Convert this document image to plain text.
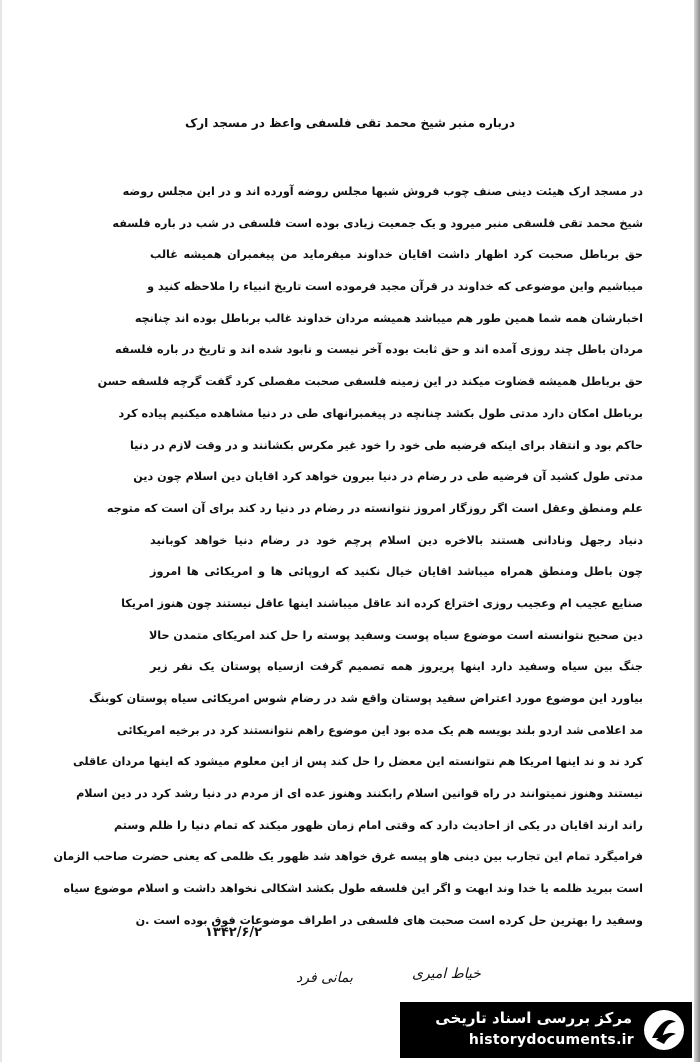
درباره منبر شیخ محمد تقی فلسفی واعظ در مسجد ارک
در مسجد ارک هیئت دینی صنف چوب فروش شبها مجلس روضه آورده اند و در این مجلس روضه
شیخ محمد تقی فلسفی منبر میرود و یک جمعیت زیادی بوده است فلسفی در شب در باره فلسفه
حق برباطل صحبت کرد اظهار داشت اقایان خداوند میفرماید من پیغمبران همیشه غالب
میباشیم واین موضوعی که خداوند در قرآن مجید فرموده است تاریخ انبیاء را ملاحظه کنید و
اخبارشان همه شما همین طور هم میباشد همیشه مردان خداوند غالب برباطل بوده اند چنانچه
مردان باطل چند روزی آمده اند و حق ثابت بوده آخر نیست و نابود شده اند و تاریخ در باره فلسفه
حق برباطل همیشه قضاوت میکند در این زمینه فلسفی صحبت مفصلی کرد گفت گرچه فلسفه حسن
برباطل امکان دارد مدتی طول بکشد چنانچه در پیغمبرانهای طی در دنیا مشاهده میکنیم پیاده کرد
حاکم بود و انتقاد برای اینکه فرضیه طی خود را خود غیر مکرس بکشانند و در وقت لازم در دنیا
مدتی طول کشید آن فرضیه طی در رضام در دنیا بیرون خواهد کرد اقایان دین اسلام چون دین
علم ومنطق وعقل است اگر روزگار امروز نتوانسته در رضام در دنیا رد کند برای آن است که متوجه
دنیاد رجهل ونادانی هستند بالاخره دین اسلام پرچم خود در رضام دنیا خواهد کوبانید
چون باطل ومنطق همراه میباشد اقایان خیال نکنید که اروپائی ها و امریکائی ها امروز
صنایع عجیب ام وعجیب روزی اختراع کرده اند عاقل میباشند اینها عاقل نیستند چون هنوز امریکا
دین صحیح نتوانسته است موضوع سیاه پوست وسفید پوسته را حل کند امریکای متمدن حالا
جنگ بین سیاه وسفید دارد اینها پریروز همه تصمیم گرفت ازسیاه پوستان یک نفر زیر
بیاورد این موضوع مورد اعتراض سفید پوستان واقع شد در رضام شوس امریکائی سیاه پوستان کوبنگ
مد اعلامی شد اردو بلند بویسه هم یک مده بود این موضوع راهم نتوانستند کرد در برخیه امریکائی
کرد ند و ند اینها امریکا هم نتوانسته این معضل را حل کند پس از این معلوم میشود که اینها مردان عاقلی
نیستند وهنوز نمیتوانند در راه قوانین اسلام رابکنند وهنوز عده ای از مردم در دنیا رشد کرد در دین اسلام
راند ارند اقایان در یکی از احادیث دارد که وقتی امام زمان ظهور میکند که تمام دنیا را ظلم وستم
فرامیگرد تمام این تجارب بین دینی هاو پیسه غرق خواهد شد ظهور یک ظلمی که یعنی حضرت صاحب الزمان
است ببرید ظلمه یا خدا وند ابهت و اگر این فلسفه طول بکشد اشکالی نخواهد داشت و اسلام موضوع سیاه
وسفید را بهترین حل کرده است صحبت های فلسفی در اطراف موضوعات فوق بوده است .ن
۱۳۴۲/۶/۲
خیاط امیری
بمانی فرد
مرکز بررسی اسناد تاریخی
historydocuments.ir
